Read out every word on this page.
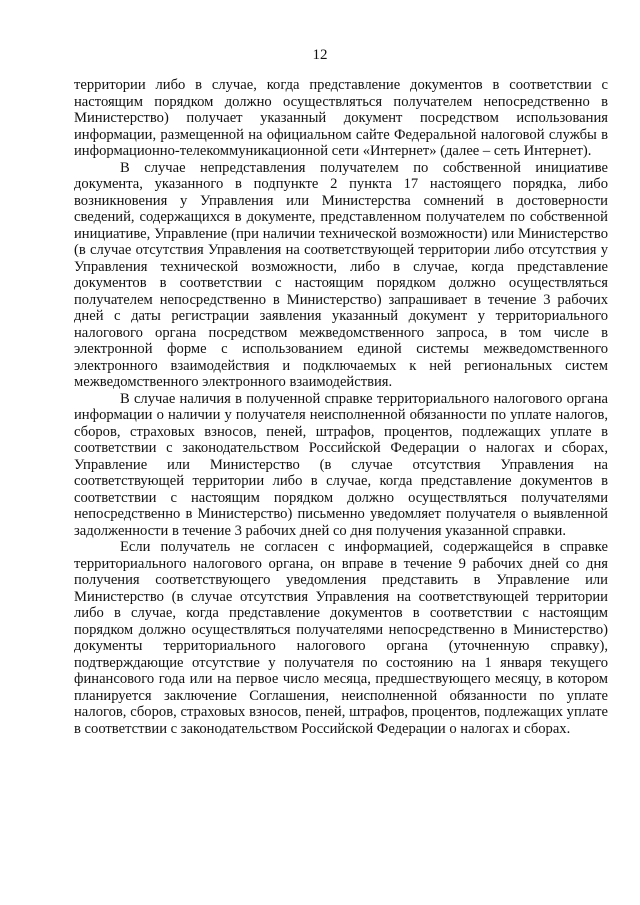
12

территории либо в случае, когда представление документов в соответствии с настоящим порядком должно осуществляться получателем непосредственно в Министерство) получает указанный документ посредством использования информации, размещенной на официальном сайте Федеральной налоговой службы в информационно-телекоммуникационной сети «Интернет» (далее – сеть Интернет).

В случае непредставления получателем по собственной инициативе документа, указанного в подпункте 2 пункта 17 настоящего порядка, либо возникновения у Управления или Министерства сомнений в достоверности сведений, содержащихся в документе, представленном получателем по собственной инициативе, Управление (при наличии технической возможности) или Министерство (в случае отсутствия Управления на соответствующей территории либо отсутствия у Управления технической возможности, либо в случае, когда представление документов в соответствии с настоящим порядком должно осуществляться получателем непосредственно в Министерство) запрашивает в течение 3 рабочих дней с даты регистрации заявления указанный документ у территориального налогового органа посредством межведомственного запроса, в том числе в электронной форме с использованием единой системы межведомственного электронного взаимодействия и подключаемых к ней региональных систем межведомственного электронного взаимодействия.

В случае наличия в полученной справке территориального налогового органа информации о наличии у получателя неисполненной обязанности по уплате налогов, сборов, страховых взносов, пеней, штрафов, процентов, подлежащих уплате в соответствии с законодательством Российской Федерации о налогах и сборах, Управление или Министерство (в случае отсутствия Управления на соответствующей территории либо в случае, когда представление документов в соответствии с настоящим порядком должно осуществляться получателями непосредственно в Министерство) письменно уведомляет получателя о выявленной задолженности в течение 3 рабочих дней со дня получения указанной справки.

Если получатель не согласен с информацией, содержащейся в справке территориального налогового органа, он вправе в течение 9 рабочих дней со дня получения соответствующего уведомления представить в Управление или Министерство (в случае отсутствия Управления на соответствующей территории либо в случае, когда представление документов в соответствии с настоящим порядком должно осуществляться получателями непосредственно в Министерство) документы территориального налогового органа (уточненную справку), подтверждающие отсутствие у получателя по состоянию на 1 января текущего финансового года или на первое число месяца, предшествующего месяцу, в котором планируется заключение Соглашения, неисполненной обязанности по уплате налогов, сборов, страховых взносов, пеней, штрафов, процентов, подлежащих уплате в соответствии с законодательством Российской Федерации о налогах и сборах.
